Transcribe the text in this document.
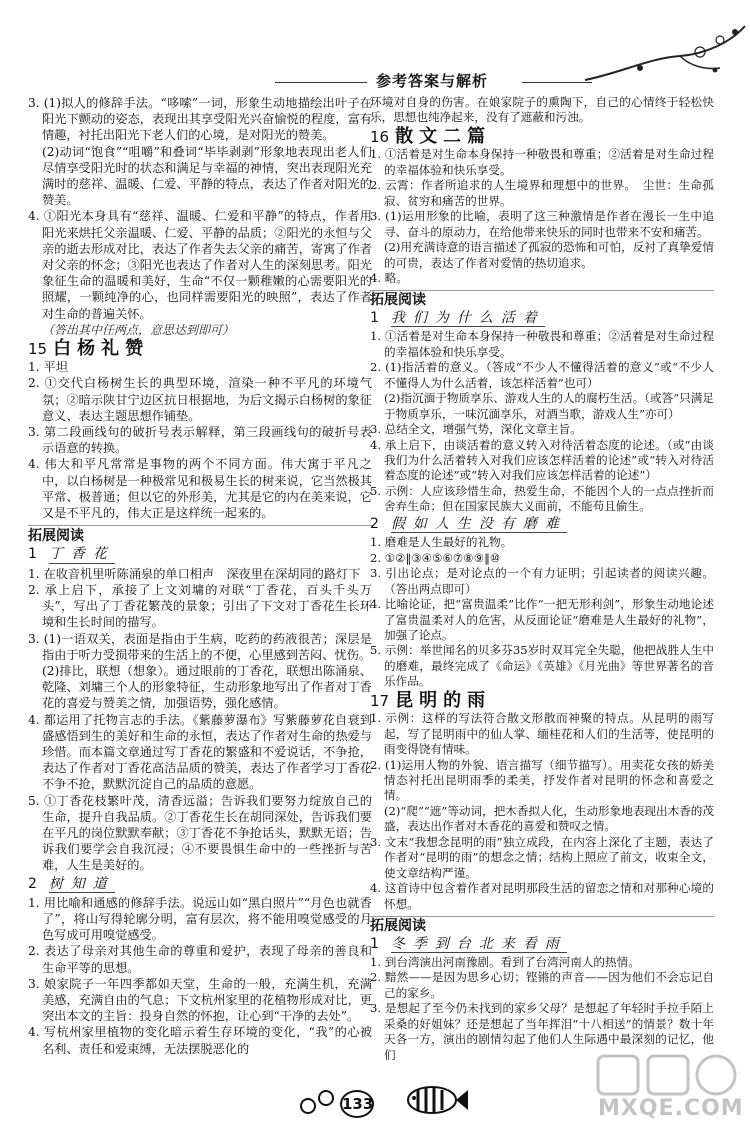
参考答案与解析

3. (1)拟人的修辞手法。“哆嗦”一词，形象生动地描绘出叶子在阳光下颤动的姿态，表现出其享受阳光兴奋愉悦的程度，富有情趣，衬托出阳光下老人们的心境，是对阳光的赞美。

(2)动词“饱食”“咀嚼”和叠词“毕毕剥剥”形象地表现出老人们尽情享受阳光时的状态和满足与幸福的神情，突出表现阳光充满时的慈祥、温暖、仁爱、平静的特点，表达了作者对阳光的赞美。

4. ①阳光本身具有“慈祥、温暖、仁爱和平静”的特点，作者用阳光来烘托父亲温暖、仁爱、平静的品质；②阳光的永恒与父亲的逝去形成对比，表达了作者失去父亲的痛苦，寄寓了作者对父亲的怀念；③阳光也表达了作者对人生的深刻思考。阳光象征生命的温暖和美好，生命“不仅一颗稚嫩的心需要阳光的照耀，一颗纯净的心，也同样需要阳光的映照”，表达了作者对生命的普遍关怀。

（答出其中任两点，意思达到即可）

15 白杨礼赞

1. 平坦

2. ①交代白杨树生长的典型环境，渲染一种不平凡的环境气氛；②暗示陕甘宁边区抗日根据地，为后文揭示白杨树的象征意义、表达主题思想作铺垫。

3. 第二段画线句的破折号表示解释，第三段画线句的破折号表示语意的转换。

4. 伟大和平凡常常是事物的两个不同方面。伟大寓于平凡之中，以白杨树是一种极常见和极易生长的树来说，它当然极其平常、极普通；但以它的外形美，尤其是它的内在美来说，它又是不平凡的，伟大正是这样统一起来的。

拓展阅读
1 丁香花

1. 在收音机里听陈涌泉的单口相声　深夜里在深胡同的路灯下

2. 承上启下，承接了上文刘墉的对联“丁香花，百头千头万头”，写出了丁香花繁茂的景象；引出了下文对丁香花生长环境和生长时间的描写。

3. (1)一语双关，表面是指由于生病，吃药的药液很苦；深层是指由于听力受损带来的生活上的不便，心里感到苦闷、忧伤。

(2)排比，联想（想象）。通过眼前的丁香花，联想出陈涌泉、乾隆、刘墉三个人的形象特征，生动形象地写出了作者对丁香花的喜爱与赞美之情，加强语势，强化感情。

4. 都运用了托物言志的手法。《紫藤萝瀑布》写紫藤萝花自衰到盛感悟到生的美好和生命的永恒，表达了作者对生命的热爱与珍惜。而本篇文章通过写丁香花的繁盛和不爱说话，不争抢，表达了作者对丁香花高洁品质的赞美，表达了作者学习丁香花不争不抢，默默沉淀自己的品质的意愿。

5. ①丁香花枝繁叶茂，清香远溢；告诉我们要努力绽放自己的生命，提升自我品质。②丁香花生长在胡同深处，告诉我们要在平凡的岗位默默奉献；③丁香花不争抢话头，默默无语；告诉我们要学会自我沉浸；④不要畏惧生命中的一些挫折与苦难，人生是美好的。

2 树知道

1. 用比喻和通感的修辞手法。说远山如“黑白照片”“月色也就香了”，将山写得轮廓分明，富有层次，将不能用嗅觉感受的月色写成可用嗅觉感受。

2. 表达了母亲对其他生命的尊重和爱护，表现了母亲的善良和生命平等的思想。

3. 娘家院子一年四季都如天堂，生命的一般，充满生机，充满美感，充满自由的气息；下文杭州家里的花植物形成对比，更突出本文的主旨：投身自然的怀抱，让心到“干净的去处”。

4. 写杭州家里植物的变化暗示着生存环境的变化，“我”的心被名利、责任和爱束缚，无法摆脱恶化的

环境对自身的伤害。在娘家院子的熏陶下，自己的心情终于轻松快乐，思想也纯净起来，没有了遮蔽和污浊。

16 散文二篇

1. ①活着是对生命本身保持一种敬畏和尊重；②活着是对生命过程的幸福体验和快乐享受。

2. 云霄：作者所追求的人生境界和理想中的世界。　尘世：生命孤寂、贫穷和痛苦的世界。

3. (1)运用形象的比喻，表明了这三种激情是作者在漫长一生中追寻、奋斗的原动力，在给他带来快乐的同时也带来不安和痛苦。

(2)用充满诗意的语言描述了孤寂的恐怖和可怕，反衬了真挚爱情的可贵，表达了作者对爱情的热切追求。

4. 略。

拓展阅读
1 我们为什么活着

1. ①活着是对生命本身保持一种敬畏和尊重；②活着是对生命过程的幸福体验和快乐享受。

2. (1)指活着的意义。（答成“不少人不懂得活着的意义”或“不少人不懂得人为什么活着，该怎样活着”也可）

(2)指沉湎于物质享乐、游戏人生的人的腐朽生活。（或答“只满足于物质享乐，一味沉湎享乐，对酒当歌，游戏人生”亦可）

3. 总结全文，增强气势，深化文章主旨。

4. 承上启下，由谈活着的意义转入对待活着态度的论述。（或“由谈我们为什么活着转入对我们应该怎样活着的论述”或“转入对待活着态度的论述”或“转入对我们应该怎样活着的论述”）

5. 示例：人应该珍惜生命，热爱生命，不能因个人的一点点挫折而舍弃生命；但在国家民族大义面前，不能苟且偷生。

2 假如人生没有磨难

1. 磨难是人生最好的礼物。

2. ①②‖③④⑤⑥⑦⑧⑨‖⑩

3. 引出论点；是对论点的一个有力证明；引起读者的阅读兴趣。（答出两点即可）

4. 比喻论证，把“富贵温柔”比作“一把无形利剑”，形象生动地论述了富贵温柔对人的危害，从反面论证“磨难是人生最好的礼物”，加强了论点。

5. 示例：举世闻名的贝多芬35岁时双耳完全失聪，他把战胜人生中的磨难，最终完成了《命运》《英雄》《月光曲》等世界著名的音乐作品。

17 昆明的雨

1. 示例：这样的写法符合散文形散而神聚的特点。从昆明的雨写起，写了昆明雨中的仙人掌、缅桂花和人们的生活等，使昆明的雨变得饶有情味。

2. (1)运用人物的外貌、语言描写（细节描写）。用卖花女孩的娇美情态衬托出昆明雨季的柔美，抒发作者对昆明的怀念和喜爱之情。

(2)“爬”“遮”等动词，把木香拟人化，生动形象地表现出木香的茂盛，表达出作者对木香花的喜爱和赞叹之情。

3. 文末“我想念昆明的雨”独立成段，在内容上深化了主题，表达了作者对“昆明的雨”的想念之情；结构上照应了前文，收束全文，使文章结构严谨。

4. 这首诗中包含着作者对昆明那段生活的留恋之情和对那种心境的怀想。

拓展阅读
1 冬季到台北来看雨

1. 到台湾演出河南豫剧。看到了台湾河南人的热情。

2. 黯然——是因为思乡心切；铿锵的声音——因为他们不会忘记自己的家乡。

3. 是想起了至今仍未找到的家乡父母？是想起了年轻时手拉手陌上采桑的好姐妹？还是想起了当年挥泪“十八相送”的情景？数十年天各一方，演出的剧情勾起了他们人生际遇中最深刻的记忆，他们

133	MXQE.COM
